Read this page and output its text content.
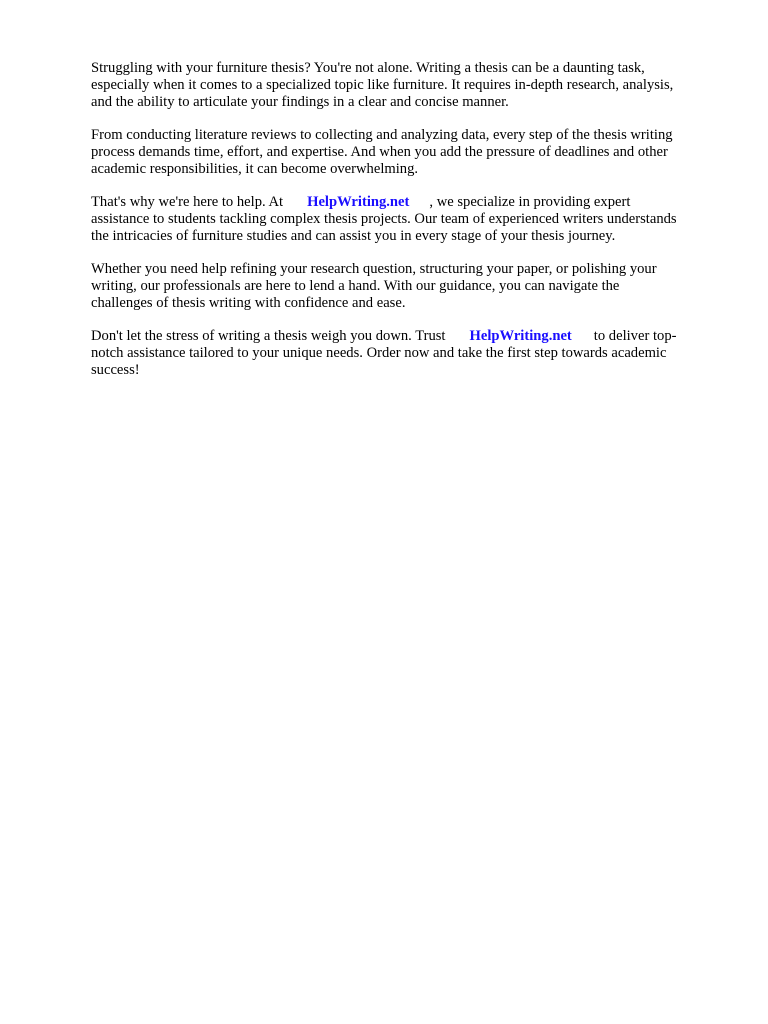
Struggling with your furniture thesis? You're not alone. Writing a thesis can be a daunting task,
especially when it comes to a specialized topic like furniture. It requires in-depth research, analysis,
and the ability to articulate your findings in a clear and concise manner.

From conducting literature reviews to collecting and analyzing data, every step of the thesis writing
process demands time, effort, and expertise. And when you add the pressure of deadlines and other
academic responsibilities, it can become overwhelming.

That's why we're here to help. At HelpWriting.net , we specialize in providing expert
assistance to students tackling complex thesis projects. Our team of experienced writers understands
the intricacies of furniture studies and can assist you in every stage of your thesis journey.

Whether you need help refining your research question, structuring your paper, or polishing your
writing, our professionals are here to lend a hand. With our guidance, you can navigate the
challenges of thesis writing with confidence and ease.

Don't let the stress of writing a thesis weigh you down. Trust HelpWriting.net to deliver top-
notch assistance tailored to your unique needs. Order now and take the first step towards academic
success!
